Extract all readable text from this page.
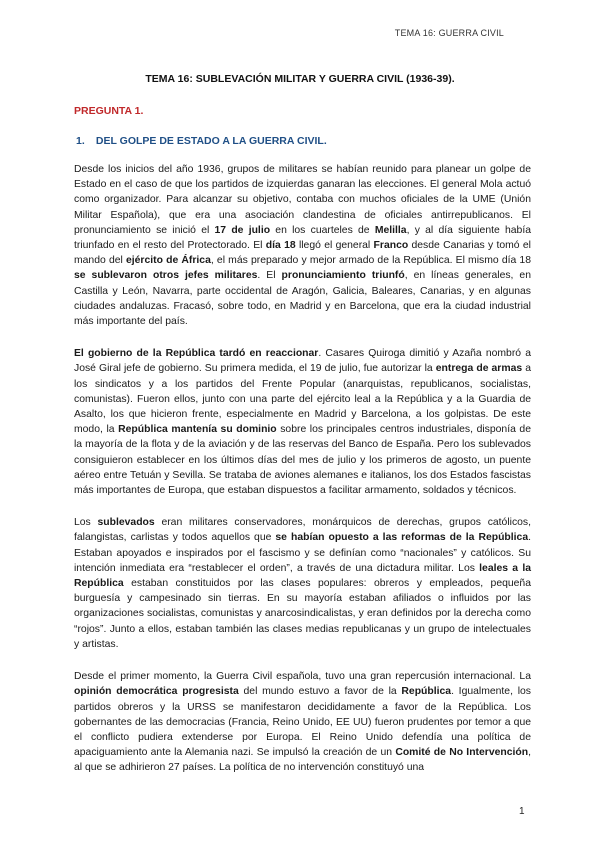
TEMA 16: GUERRA CIVIL
TEMA 16: SUBLEVACIÓN MILITAR Y GUERRA CIVIL (1936-39).
PREGUNTA 1.
1. DEL GOLPE DE ESTADO A LA GUERRA CIVIL.

Desde los inicios del año 1936, grupos de militares se habían reunido para planear un golpe de Estado en el caso de que los partidos de izquierdas ganaran las elecciones. El general Mola actuó como organizador. Para alcanzar su objetivo, contaba con muchos oficiales de la UME (Unión Militar Española), que era una asociación clandestina de oficiales antirrepublicanos. El pronunciamiento se inició el 17 de julio en los cuarteles de Melilla, y al día siguiente había triunfado en el resto del Protectorado. El día 18 llegó el general Franco desde Canarias y tomó el mando del ejército de África, el más preparado y mejor armado de la República. El mismo día 18 se sublevaron otros jefes militares. El pronunciamiento triunfó, en líneas generales, en Castilla y León, Navarra, parte occidental de Aragón, Galicia, Baleares, Canarias, y en algunas ciudades andaluzas. Fracasó, sobre todo, en Madrid y en Barcelona, que era la ciudad industrial más importante del país.

El gobierno de la República tardó en reaccionar. Casares Quiroga dimitió y Azaña nombró a José Giral jefe de gobierno. Su primera medida, el 19 de julio, fue autorizar la entrega de armas a los sindicatos y a los partidos del Frente Popular (anarquistas, republicanos, socialistas, comunistas). Fueron ellos, junto con una parte del ejército leal a la República y a la Guardia de Asalto, los que hicieron frente, especialmente en Madrid y Barcelona, a los golpistas. De este modo, la República mantenía su dominio sobre los principales centros industriales, disponía de la mayoría de la flota y de la aviación y de las reservas del Banco de España. Pero los sublevados consiguieron establecer en los últimos días del mes de julio y los primeros de agosto, un puente aéreo entre Tetuán y Sevilla. Se trataba de aviones alemanes e italianos, los dos Estados fascistas más importantes de Europa, que estaban dispuestos a facilitar armamento, soldados y técnicos.

Los sublevados eran militares conservadores, monárquicos de derechas, grupos católicos, falangistas, carlistas y todos aquellos que se habían opuesto a las reformas de la República. Estaban apoyados e inspirados por el fascismo y se definían como “nacionales” y católicos. Su intención inmediata era “restablecer el orden”, a través de una dictadura militar. Los leales a la República estaban constituidos por las clases populares: obreros y empleados, pequeña burguesía y campesinado sin tierras. En su mayoría estaban afiliados o influidos por las organizaciones socialistas, comunistas y anarcosindicalistas, y eran definidos por la derecha como “rojos”. Junto a ellos, estaban también las clases medias republicanas y un grupo de intelectuales y artistas.

Desde el primer momento, la Guerra Civil española, tuvo una gran repercusión internacional. La opinión democrática progresista del mundo estuvo a favor de la República. Igualmente, los partidos obreros y la URSS se manifestaron decididamente a favor de la República. Los gobernantes de las democracias (Francia, Reino Unido, EE UU) fueron prudentes por temor a que el conflicto pudiera extenderse por Europa. El Reino Unido defendía una política de apaciguamiento ante la Alemania nazi. Se impulsó la creación de un Comité de No Intervención, al que se adhirieron 27 países. La política de no intervención constituyó una

1
